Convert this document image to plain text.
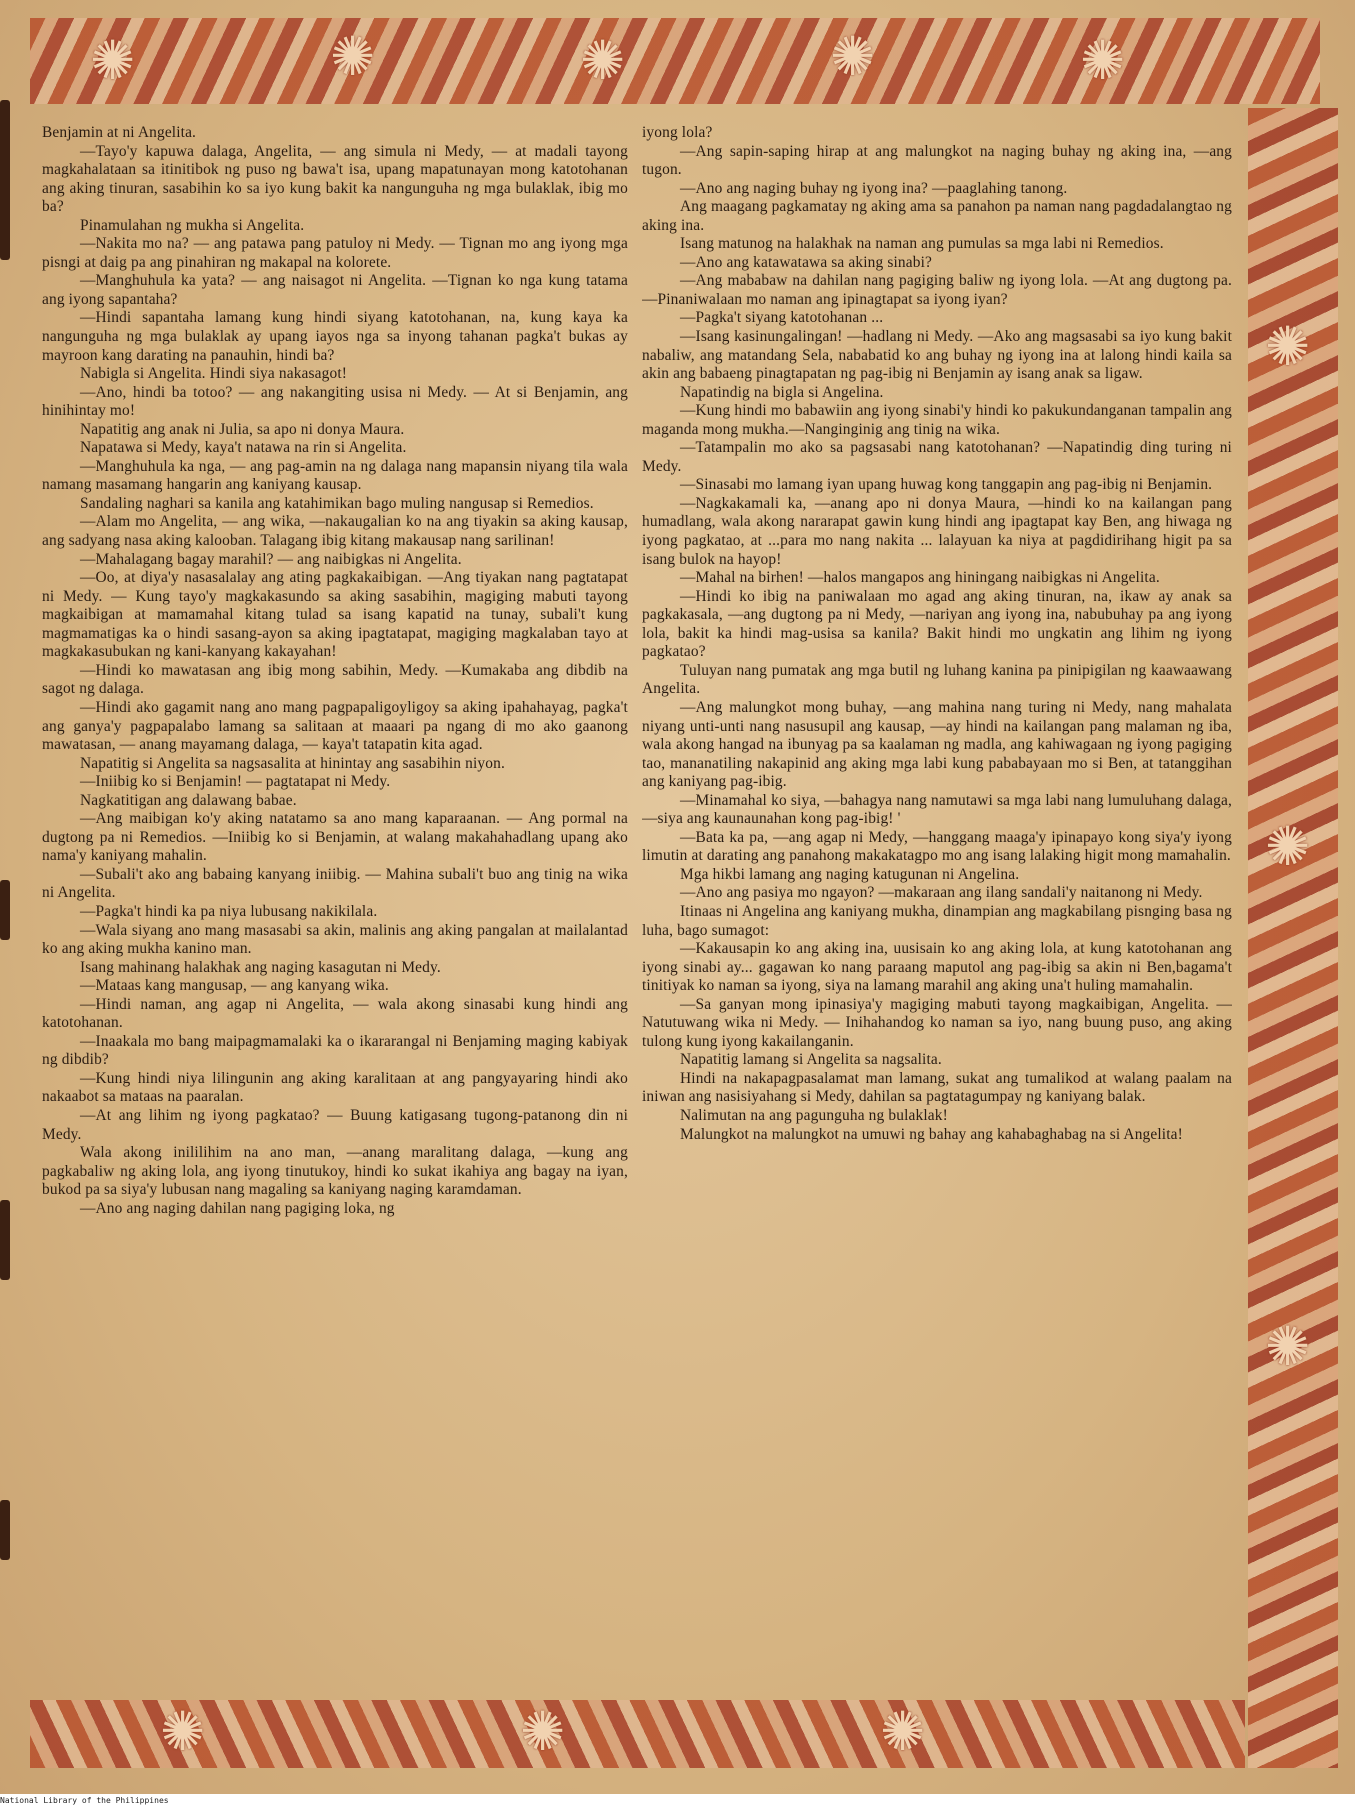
✺	✺	✺	✺	✺
✺
✺
✺
✺	✺	✺

Benjamin at ni Angelita.

—Tayo'y kapuwa dalaga, Angelita, — ang simula ni Medy, — at madali tayong magkahalataan sa itinitibok ng puso ng bawa't isa, upang mapatunayan mong katotohanan ang aking tinuran, sasabihin ko sa iyo kung bakit ka nangunguha ng mga bulaklak, ibig mo ba?

Pinamulahan ng mukha si Angelita.

—Nakita mo na? — ang patawa pang patuloy ni Medy. — Tignan mo ang iyong mga pisngi at daig pa ang pinahiran ng makapal na kolorete.

—Manghuhula ka yata? — ang naisagot ni Angelita. —Tignan ko nga kung tatama ang iyong sapantaha?

—Hindi sapantaha lamang kung hindi siyang katotohanan, na, kung kaya ka nangunguha ng mga bulaklak ay upang iayos nga sa inyong tahanan pagka't bukas ay mayroon kang darating na panauhin, hindi ba?

Nabigla si Angelita. Hindi siya nakasagot!

—Ano, hindi ba totoo? — ang nakangiting usisa ni Medy. — At si Benjamin, ang hinihintay mo!

Napatitig ang anak ni Julia, sa apo ni donya Maura.

Napatawa si Medy, kaya't natawa na rin si Angelita.

—Manghuhula ka nga, — ang pag-amin na ng dalaga nang mapansin niyang tila wala namang masamang hangarin ang kaniyang kausap.

Sandaling naghari sa kanila ang katahimikan bago muling nangusap si Remedios.

—Alam mo Angelita, — ang wika, —nakaugalian ko na ang tiyakin sa aking kausap, ang sadyang nasa aking kalooban. Talagang ibig kitang makausap nang sarilinan!

—Mahalagang bagay marahil? — ang naibigkas ni Angelita.

—Oo, at diya'y nasasalalay ang ating pagkakaibigan. —Ang tiyakan nang pagtatapat ni Medy. — Kung tayo'y magkakasundo sa aking sasabihin, magiging mabuti tayong magkaibigan at mamamahal kitang tulad sa isang kapatid na tunay, subali't kung magmamatigas ka o hindi sasang-ayon sa aking ipagtatapat, magiging magkalaban tayo at magkakasubukan ng kani-kanyang kakayahan!

—Hindi ko mawatasan ang ibig mong sabihin, Medy. —Kumakaba ang dibdib na sagot ng dalaga.

—Hindi ako gagamit nang ano mang pagpapaligoyligoy sa aking ipahahayag, pagka't ang ganya'y pagpapalabo lamang sa salitaan at maaari pa ngang di mo ako gaanong mawatasan, — anang mayamang dalaga, — kaya't tatapatin kita agad.

Napatitig si Angelita sa nagsasalita at hinintay ang sasabihin niyon.

—Iniibig ko si Benjamin! — pagtatapat ni Medy.

Nagkatitigan ang dalawang babae.

—Ang maibigan ko'y aking natatamo sa ano mang kaparaanan. — Ang pormal na dugtong pa ni Remedios. —Iniibig ko si Benjamin, at walang makahahadlang upang ako nama'y kaniyang mahalin.

—Subali't ako ang babaing kanyang iniibig. — Mahina subali't buo ang tinig na wika ni Angelita.

—Pagka't hindi ka pa niya lubusang nakikilala.

—Wala siyang ano mang masasabi sa akin, malinis ang aking pangalan at mailalantad ko ang aking mukha kanino man.

Isang mahinang halakhak ang naging kasagutan ni Medy.

—Mataas kang mangusap, — ang kanyang wika.

—Hindi naman, ang agap ni Angelita, — wala akong sinasabi kung hindi ang katotohanan.

—Inaakala mo bang maipagmamalaki ka o ikararangal ni Benjaming maging kabiyak ng dibdib?

—Kung hindi niya lilingunin ang aking karalitaan at ang pangyayaring hindi ako nakaabot sa mataas na paaralan.

—At ang lihim ng iyong pagkatao? — Buung katigasang tugong-patanong din ni Medy.

Wala akong inililihim na ano man, —anang maralitang dalaga, —kung ang pagkabaliw ng aking lola, ang iyong tinutukoy, hindi ko sukat ikahiya ang bagay na iyan, bukod pa sa siya'y lubusan nang magaling sa kaniyang naging karamdaman.

—Ano ang naging dahilan nang pagiging loka, ng

iyong lola?

—Ang sapin-saping hirap at ang malungkot na naging buhay ng aking ina, —ang tugon.

—Ano ang naging buhay ng iyong ina? —paaglahing tanong.

Ang maagang pagkamatay ng aking ama sa panahon pa naman nang pagdadalangtao ng aking ina.

Isang matunog na halakhak na naman ang pumulas sa mga labi ni Remedios.

—Ano ang katawatawa sa aking sinabi?

—Ang mababaw na dahilan nang pagiging baliw ng iyong lola. —At ang dugtong pa. —Pinaniwalaan mo naman ang ipinagtapat sa iyong iyan?

—Pagka't siyang katotohanan ...

—Isang kasinungalingan! —hadlang ni Medy. —Ako ang magsasabi sa iyo kung bakit nabaliw, ang matandang Sela, nababatid ko ang buhay ng iyong ina at lalong hindi kaila sa akin ang babaeng pinagtapatan ng pag-ibig ni Benjamin ay isang anak sa ligaw.

Napatindig na bigla si Angelina.

—Kung hindi mo babawiin ang iyong sinabi'y hindi ko pakukundanganan tampalin ang maganda mong mukha.—Nanginginig ang tinig na wika.

—Tatampalin mo ako sa pagsasabi nang katotohanan? —Napatindig ding turing ni Medy.

—Sinasabi mo lamang iyan upang huwag kong tanggapin ang pag-ibig ni Benjamin.

—Nagkakamali ka, —anang apo ni donya Maura, —hindi ko na kailangan pang humadlang, wala akong nararapat gawin kung hindi ang ipagtapat kay Ben, ang hiwaga ng iyong pagkatao, at ...para mo nang nakita ... lalayuan ka niya at pagdidirihang higit pa sa isang bulok na hayop!

—Mahal na birhen! —halos mangapos ang hiningang naibigkas ni Angelita.

—Hindi ko ibig na paniwalaan mo agad ang aking tinuran, na, ikaw ay anak sa pagkakasala, —ang dugtong pa ni Medy, —nariyan ang iyong ina, nabubuhay pa ang iyong lola, bakit ka hindi mag-usisa sa kanila? Bakit hindi mo ungkatin ang lihim ng iyong pagkatao?

Tuluyan nang pumatak ang mga butil ng luhang kanina pa pinipigilan ng kaawaawang Angelita.

—Ang malungkot mong buhay, —ang mahina nang turing ni Medy, nang mahalata niyang unti-unti nang nasusupil ang kausap, —ay hindi na kailangan pang malaman ng iba, wala akong hangad na ibunyag pa sa kaalaman ng madla, ang kahiwagaan ng iyong pagiging tao, mananatiling nakapinid ang aking mga labi kung pababayaan mo si Ben, at tatanggihan ang kaniyang pag-ibig.

—Minamahal ko siya, —bahagya nang namutawi sa mga labi nang lumuluhang dalaga, —siya ang kaunaunahan kong pag-ibig! '

—Bata ka pa, —ang agap ni Medy, —hanggang maaga'y ipinapayo kong siya'y iyong limutin at darating ang panahong makakatagpo mo ang isang lalaking higit mong mamahalin.

Mga hikbi lamang ang naging katugunan ni Angelina.

—Ano ang pasiya mo ngayon? —makaraan ang ilang sandali'y naitanong ni Medy.

Itinaas ni Angelina ang kaniyang mukha, dinampian ang magkabilang pisnging basa ng luha, bago sumagot:

—Kakausapin ko ang aking ina, uusisain ko ang aking lola, at kung katotohanan ang iyong sinabi ay... gagawan ko nang paraang maputol ang pag-ibig sa akin ni Ben,bagama't tinitiyak ko naman sa iyong, siya na lamang marahil ang aking una't huling mamahalin.

—Sa ganyan mong ipinasiya'y magiging mabuti tayong magkaibigan, Angelita. — Natutuwang wika ni Medy. — Inihahandog ko naman sa iyo, nang buung puso, ang aking tulong kung iyong kakailanganin.

Napatitig lamang si Angelita sa nagsalita.

Hindi na nakapagpasalamat man lamang, sukat ang tumalikod at walang paalam na iniwan ang nasisiyahang si Medy, dahilan sa pagtatagumpay ng kaniyang balak.

Nalimutan na ang pagunguha ng bulaklak!

Malungkot na malungkot na umuwi ng bahay ang kahabaghabag na si Angelita!

National Library of the Philippines
